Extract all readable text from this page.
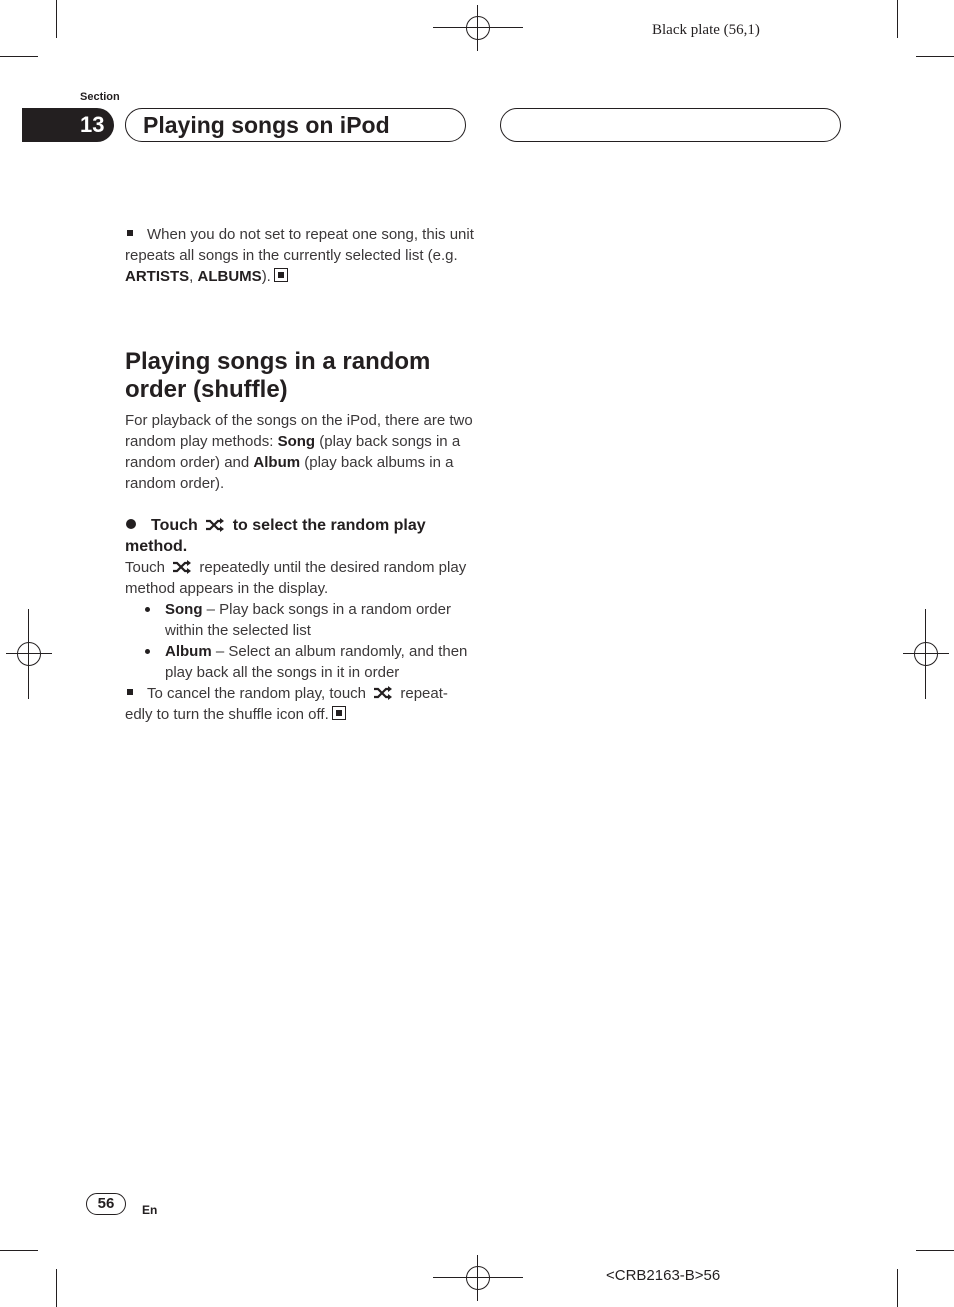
Black plate (56,1)
Section
13	Playing songs on iPod
When you do not set to repeat one song, this unit repeats all songs in the currently selected list (e.g. ARTISTS, ALBUMS).
Playing songs in a random order (shuffle)
For playback of the songs on the iPod, there are two random play methods: Song (play back songs in a random order) and Album (play back albums in a random order).
Touch to select the random play method.
Touch repeatedly until the desired random play method appears in the display.
Song – Play back songs in a random order within the selected list
Album – Select an album randomly, and then play back all the songs in it in order
To cancel the random play, touch repeat-edly to turn the shuffle icon off.
56	En
<CRB2163-B>56
